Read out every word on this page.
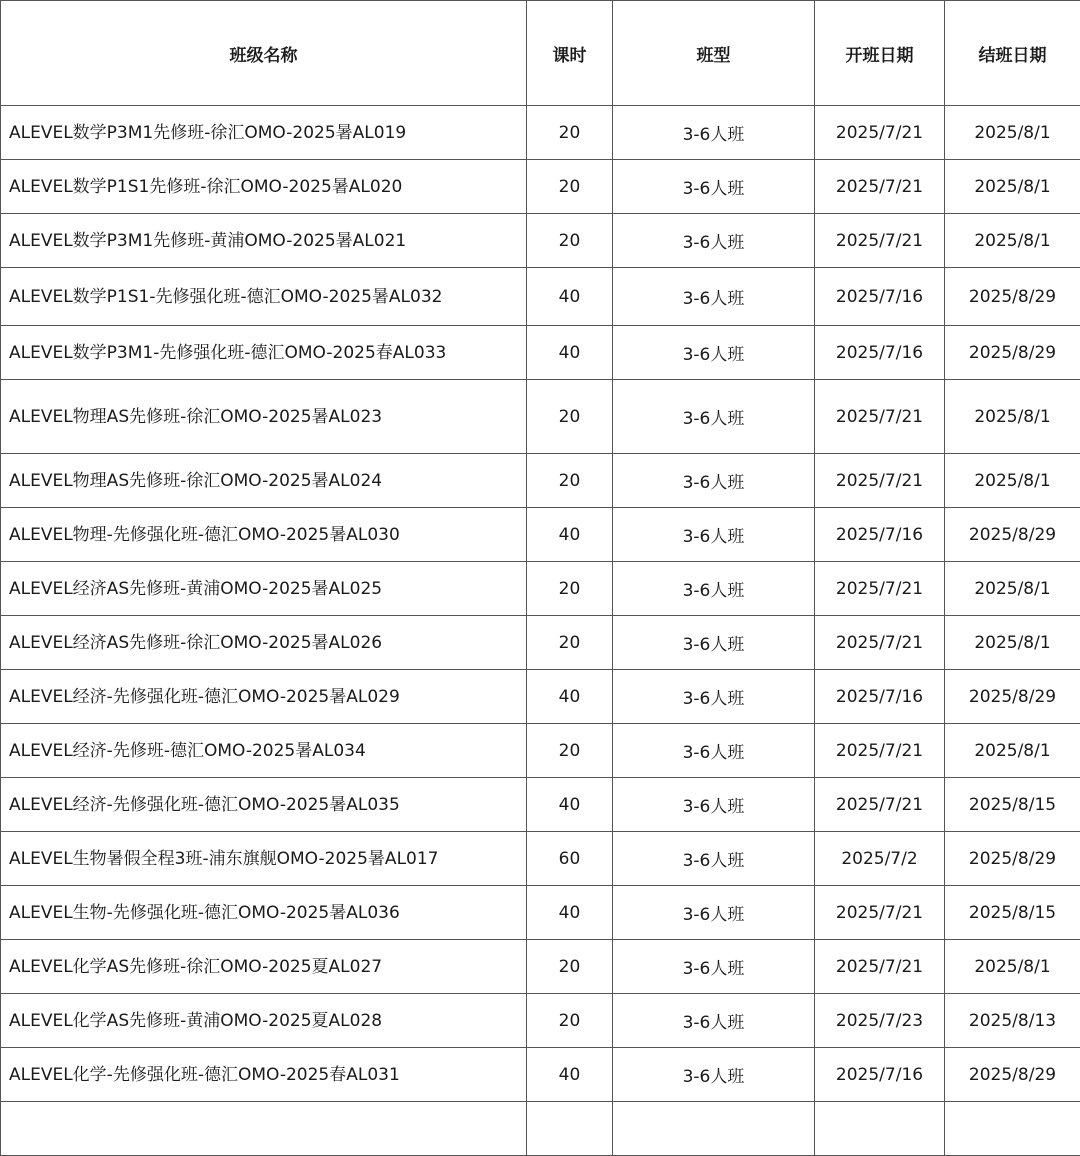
班级名称	课时	班型	开班日期	结班日期
ALEVEL数学P3M1先修班-徐汇OMO-2025暑AL019	20	3-6人班	2025/7/21	2025/8/1
ALEVEL数学P1S1先修班-徐汇OMO-2025暑AL020	20	3-6人班	2025/7/21	2025/8/1
ALEVEL数学P3M1先修班-黄浦OMO-2025暑AL021	20	3-6人班	2025/7/21	2025/8/1
ALEVEL数学P1S1-先修强化班-德汇OMO-2025暑AL032	40	3-6人班	2025/7/16	2025/8/29
ALEVEL数学P3M1-先修强化班-德汇OMO-2025春AL033	40	3-6人班	2025/7/16	2025/8/29
ALEVEL物理AS先修班-徐汇OMO-2025暑AL023	20	3-6人班	2025/7/21	2025/8/1
ALEVEL物理AS先修班-徐汇OMO-2025暑AL024	20	3-6人班	2025/7/21	2025/8/1
ALEVEL物理-先修强化班-德汇OMO-2025暑AL030	40	3-6人班	2025/7/16	2025/8/29
ALEVEL经济AS先修班-黄浦OMO-2025暑AL025	20	3-6人班	2025/7/21	2025/8/1
ALEVEL经济AS先修班-徐汇OMO-2025暑AL026	20	3-6人班	2025/7/21	2025/8/1
ALEVEL经济-先修强化班-德汇OMO-2025暑AL029	40	3-6人班	2025/7/16	2025/8/29
ALEVEL经济-先修班-德汇OMO-2025暑AL034	20	3-6人班	2025/7/21	2025/8/1
ALEVEL经济-先修强化班-德汇OMO-2025暑AL035	40	3-6人班	2025/7/21	2025/8/15
ALEVEL生物暑假全程3班-浦东旗舰OMO-2025暑AL017	60	3-6人班	2025/7/2	2025/8/29
ALEVEL生物-先修强化班-德汇OMO-2025暑AL036	40	3-6人班	2025/7/21	2025/8/15
ALEVEL化学AS先修班-徐汇OMO-2025夏AL027	20	3-6人班	2025/7/21	2025/8/1
ALEVEL化学AS先修班-黄浦OMO-2025夏AL028	20	3-6人班	2025/7/23	2025/8/13
ALEVEL化学-先修强化班-德汇OMO-2025春AL031	40	3-6人班	2025/7/16	2025/8/29
